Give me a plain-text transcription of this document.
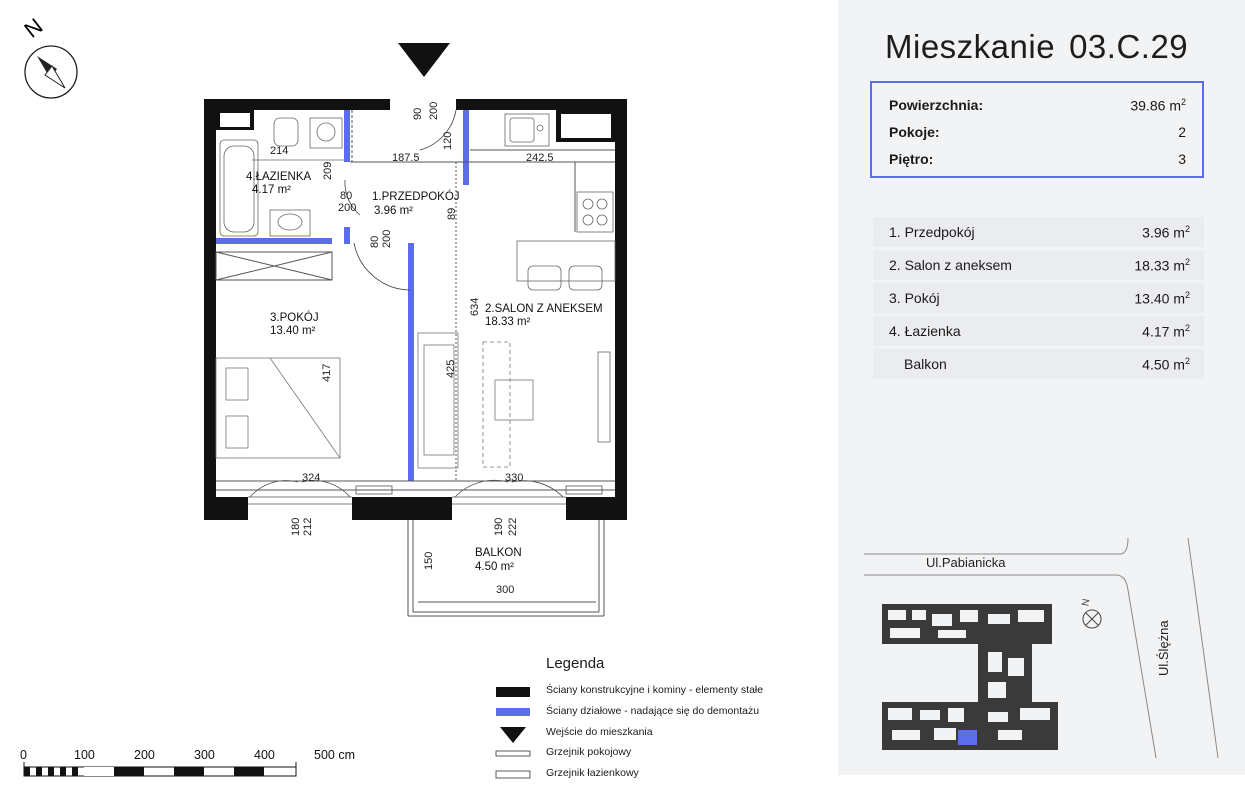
N
4.ŁAZIENKA
4.17 m²
1.PRZEDPOKÓJ
3.96 m²
3.POKÓJ
13.40 m²
2.SALON Z ANEKSEM
18.33 m²
BALKON
4.50 m²
90 200
120
214
187.5	242.5
209
80
200	89
80 200
634
417	425
324	330
180 212	190 222
150
300
0	100	200	300	400	500 cm
Mieszkanie 03.C.29
Powierzchnia:	39.86 $m^2$
Pokoje:	2
Piętro:	3
1. Przedpokój	3.96 $m^2$
2. Salon z aneksem	18.33 $m^2$
3. Pokój	13.40 $m^2$
4. Łazienka	4.17 $m^2$
Balkon	4.50 $m^2$
N
Ul.Pabianicka
Ul.Ślężna
Legenda
Ściany konstrukcyjne i kominy - elementy stałe
Ściany działowe - nadające się do demontażu
Wejście do mieszkania
Grzejnik pokojowy
Grzejnik łazienkowy
